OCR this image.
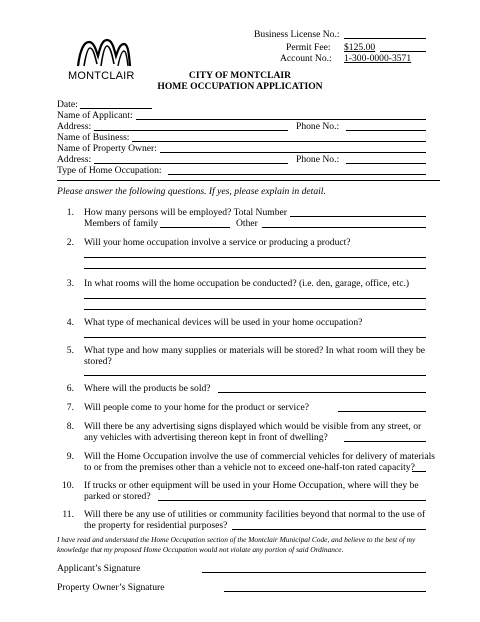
MONTCLAIR
Business License No.:
Permit Fee: $125.00
Account No.: 1-300-0000-3571
CITY OF MONTCLAIR
HOME OCCUPATION APPLICATION
Date:
Name of Applicant:
Address:	Phone No.:
Name of Business:
Name of Property Owner:
Address:	Phone No.:
Type of Home Occupation:
Please answer the following questions. If yes, please explain in detail.
1. How many persons will be employed? Total Number
Members of family	Other
2. Will your home occupation involve a service or producing a product?
3. In what rooms will the home occupation be conducted? (i.e. den, garage, office, etc.)
4. What type of mechanical devices will be used in your home occupation?
5. What type and how many supplies or materials will be stored? In what room will they be
stored?
6. Where will the products be sold?
7. Will people come to your home for the product or service?
8. Will there be any advertising signs displayed which would be visible from any street, or
any vehicles with advertising thereon kept in front of dwelling?
9. Will the Home Occupation involve the use of commercial vehicles for delivery of materials
to or from the premises other than a vehicle not to exceed one-half-ton rated capacity?
10. If trucks or other equipment will be used in your Home Occupation, where will they be
parked or stored?
11. Will there be any use of utilities or community facilities beyond that normal to the use of
the property for residential purposes?
I have read and understand the Home Occupation section of the Montclair Municipal Code, and believe to the best of my
knowledge that my proposed Home Occupation would not violate any portion of said Ordinance.
Applicant’s Signature
Property Owner’s Signature
